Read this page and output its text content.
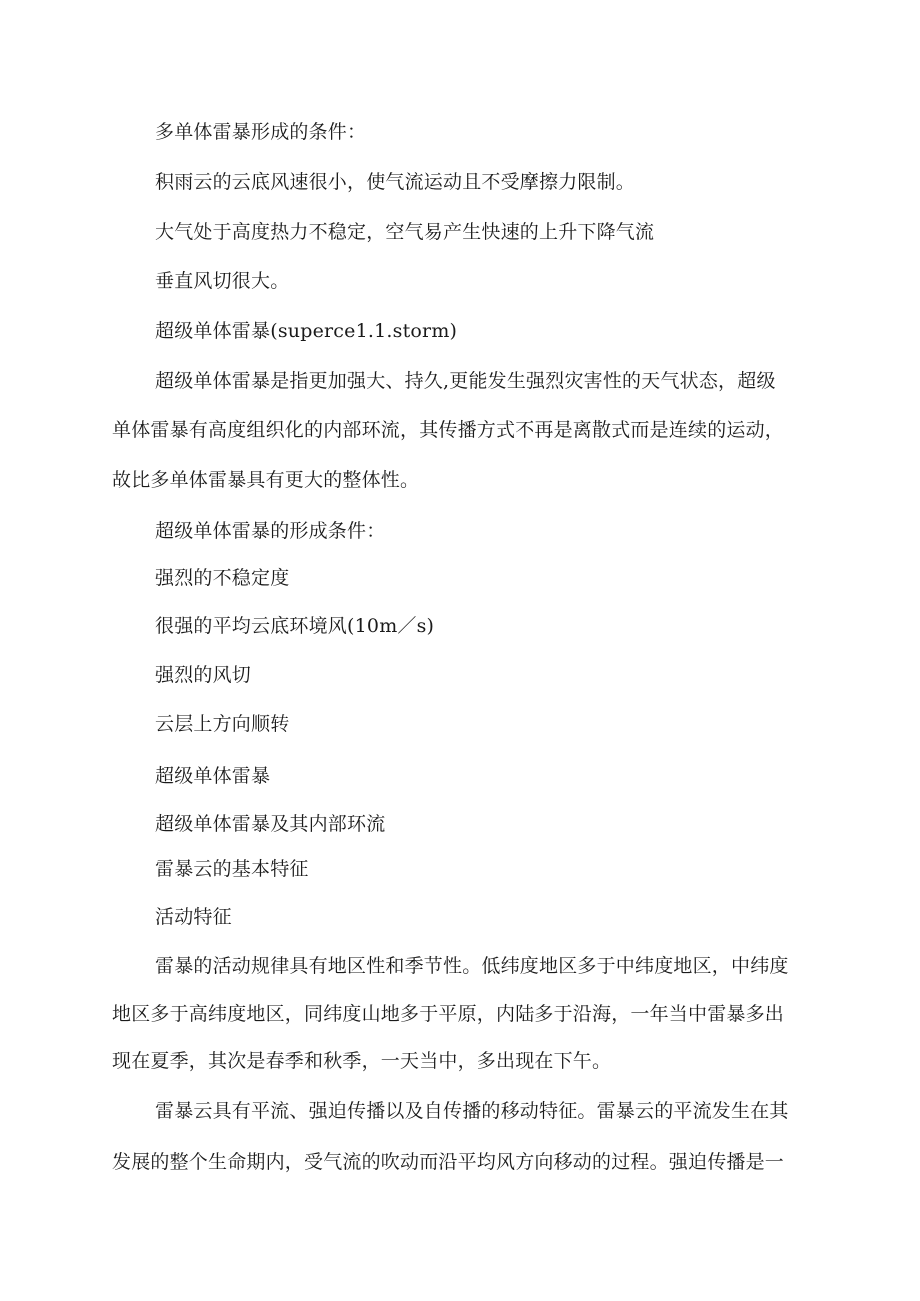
多单体雷暴形成的条件：

积雨云的云底风速很小，使气流运动且不受摩擦力限制。

大气处于高度热力不稳定，空气易产生快速的上升下降气流

垂直风切很大。

超级单体雷暴(superce1.1.storm)

超级单体雷暴是指更加强大、持久,更能发生强烈灾害性的天气状态，超级

单体雷暴有高度组织化的内部环流，其传播方式不再是离散式而是连续的运动，

故比多单体雷暴具有更大的整体性。

超级单体雷暴的形成条件：

强烈的不稳定度

很强的平均云底环境风(10m／s)

强烈的风切

云层上方向顺转

超级单体雷暴

超级单体雷暴及其内部环流

雷暴云的基本特征

活动特征

雷暴的活动规律具有地区性和季节性。低纬度地区多于中纬度地区，中纬度

地区多于高纬度地区，同纬度山地多于平原，内陆多于沿海，一年当中雷暴多出

现在夏季，其次是春季和秋季，一天当中，多出现在下午。

雷暴云具有平流、强迫传播以及自传播的移动特征。雷暴云的平流发生在其

发展的整个生命期内，受气流的吹动而沿平均风方向移动的过程。强迫传播是一
